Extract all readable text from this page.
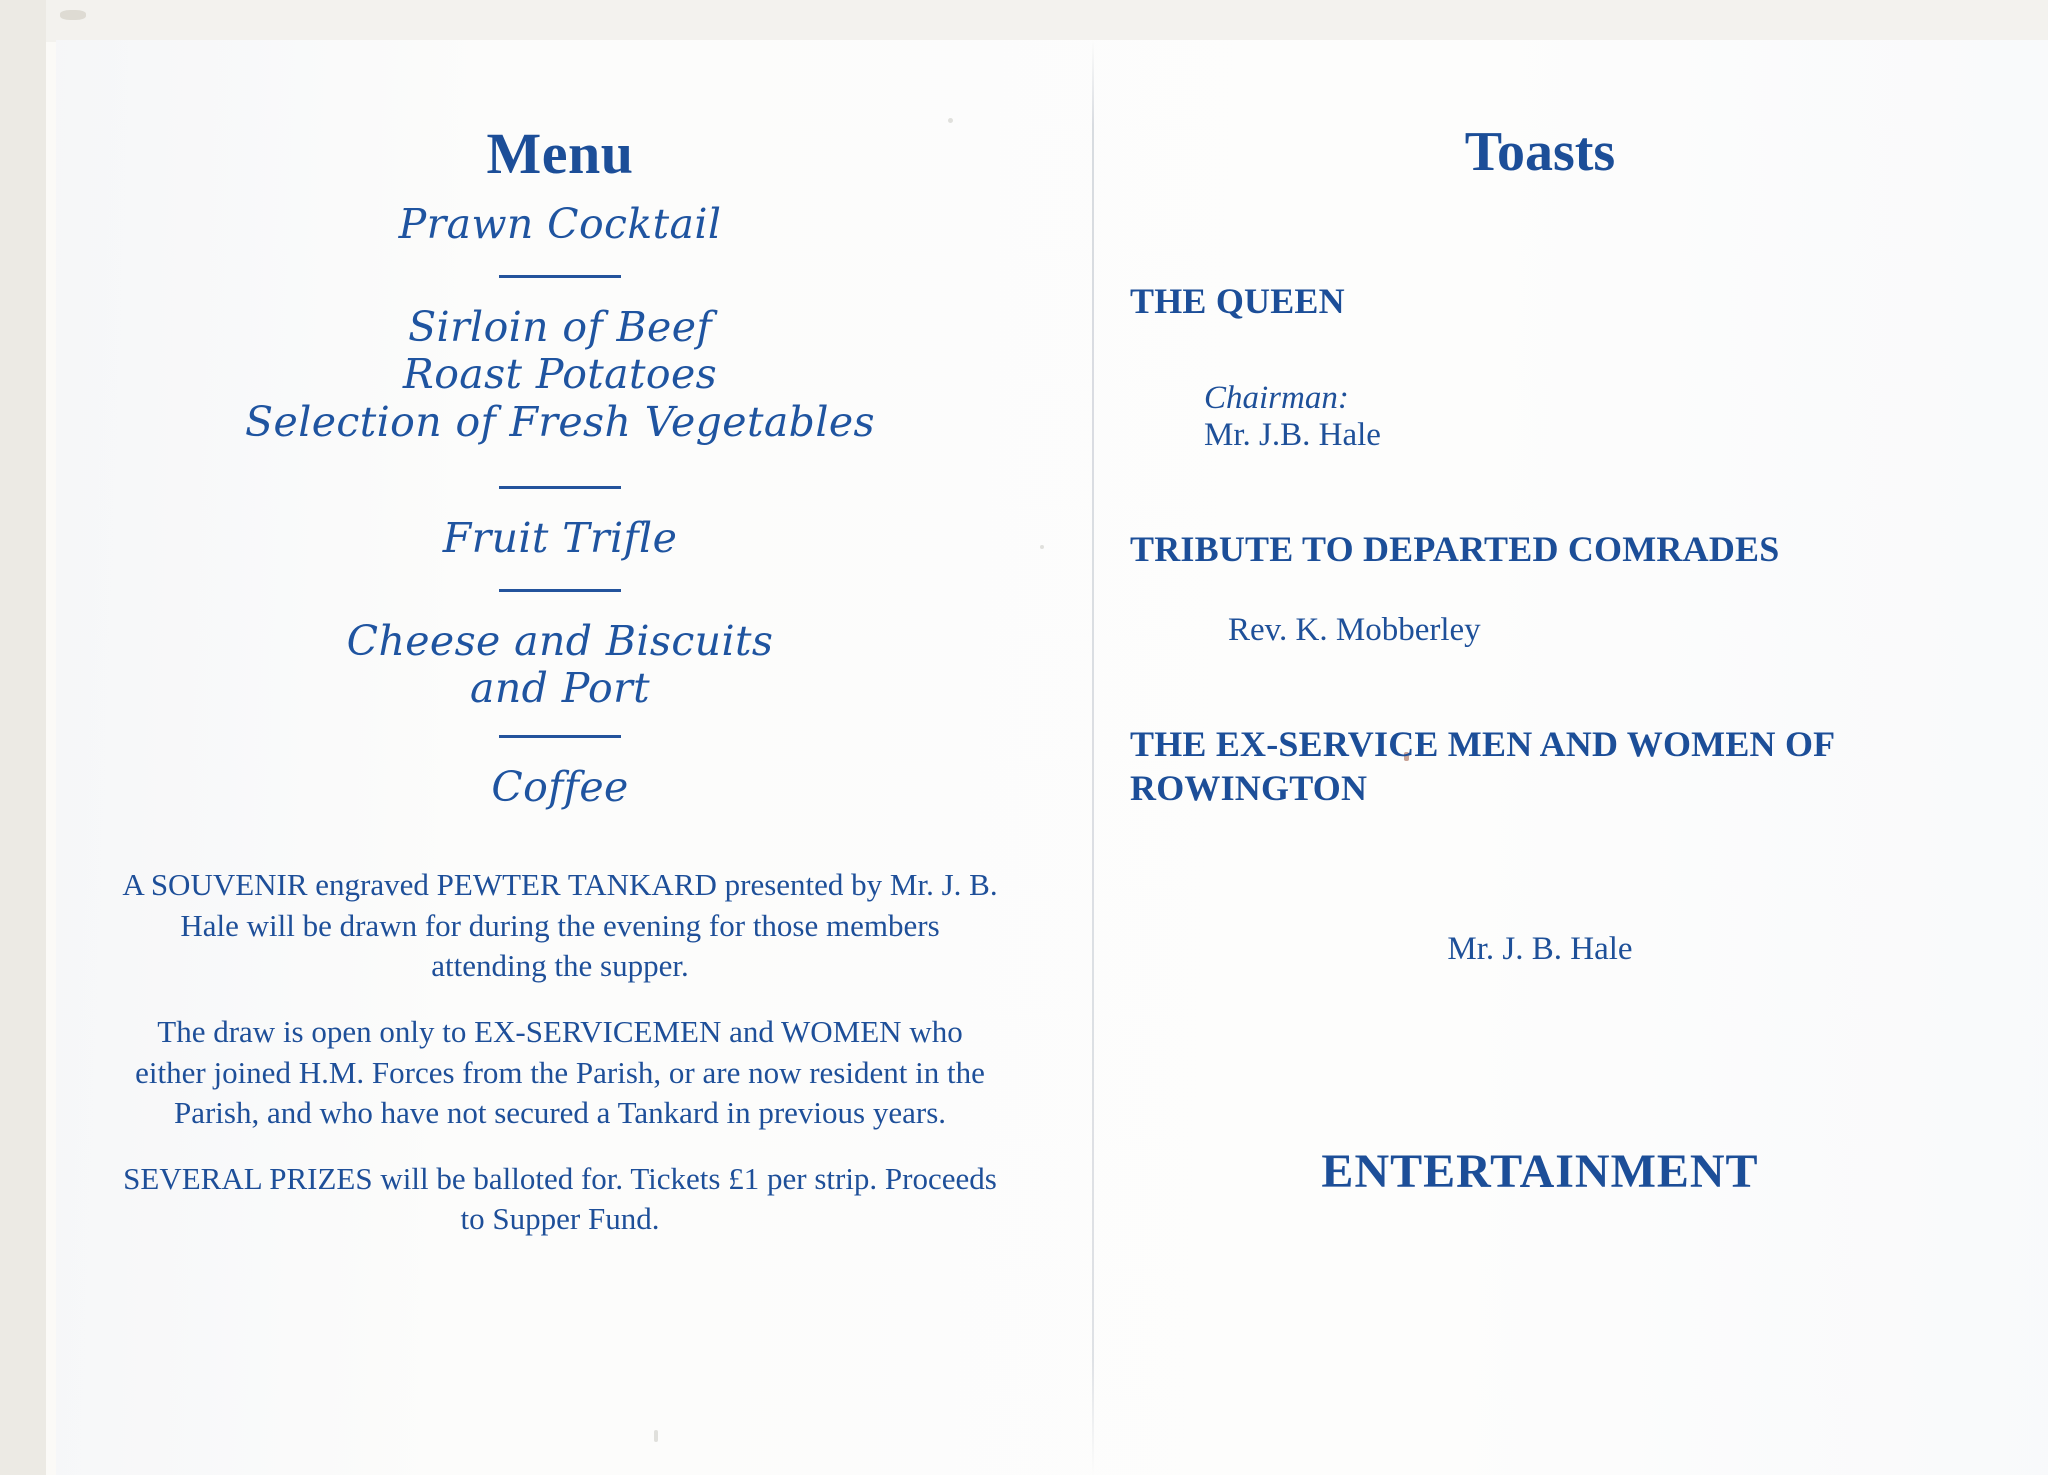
Menu
Prawn Cocktail
Sirloin of Beef
Roast Potatoes
Selection of Fresh Vegetables
Fruit Trifle
Cheese and Biscuits
and Port
Coffee

A SOUVENIR engraved PEWTER TANKARD presented by Mr. J. B. Hale will be drawn for during the evening for those members attending the supper.

The draw is open only to EX-SERVICEMEN and WOMEN who either joined H.M. Forces from the Parish, or are now resident in the Parish, and who have not secured a Tankard in previous years.

SEVERAL PRIZES will be balloted for. Tickets £1 per strip. Proceeds to Supper Fund.

Toasts

THE QUEEN

Chairman:

Mr. J.B. Hale

TRIBUTE TO DEPARTED COMRADES

Rev. K. Mobberley

THE EX-SERVICE MEN AND WOMEN OF ROWINGTON

Mr. J. B. Hale

ENTERTAINMENT
